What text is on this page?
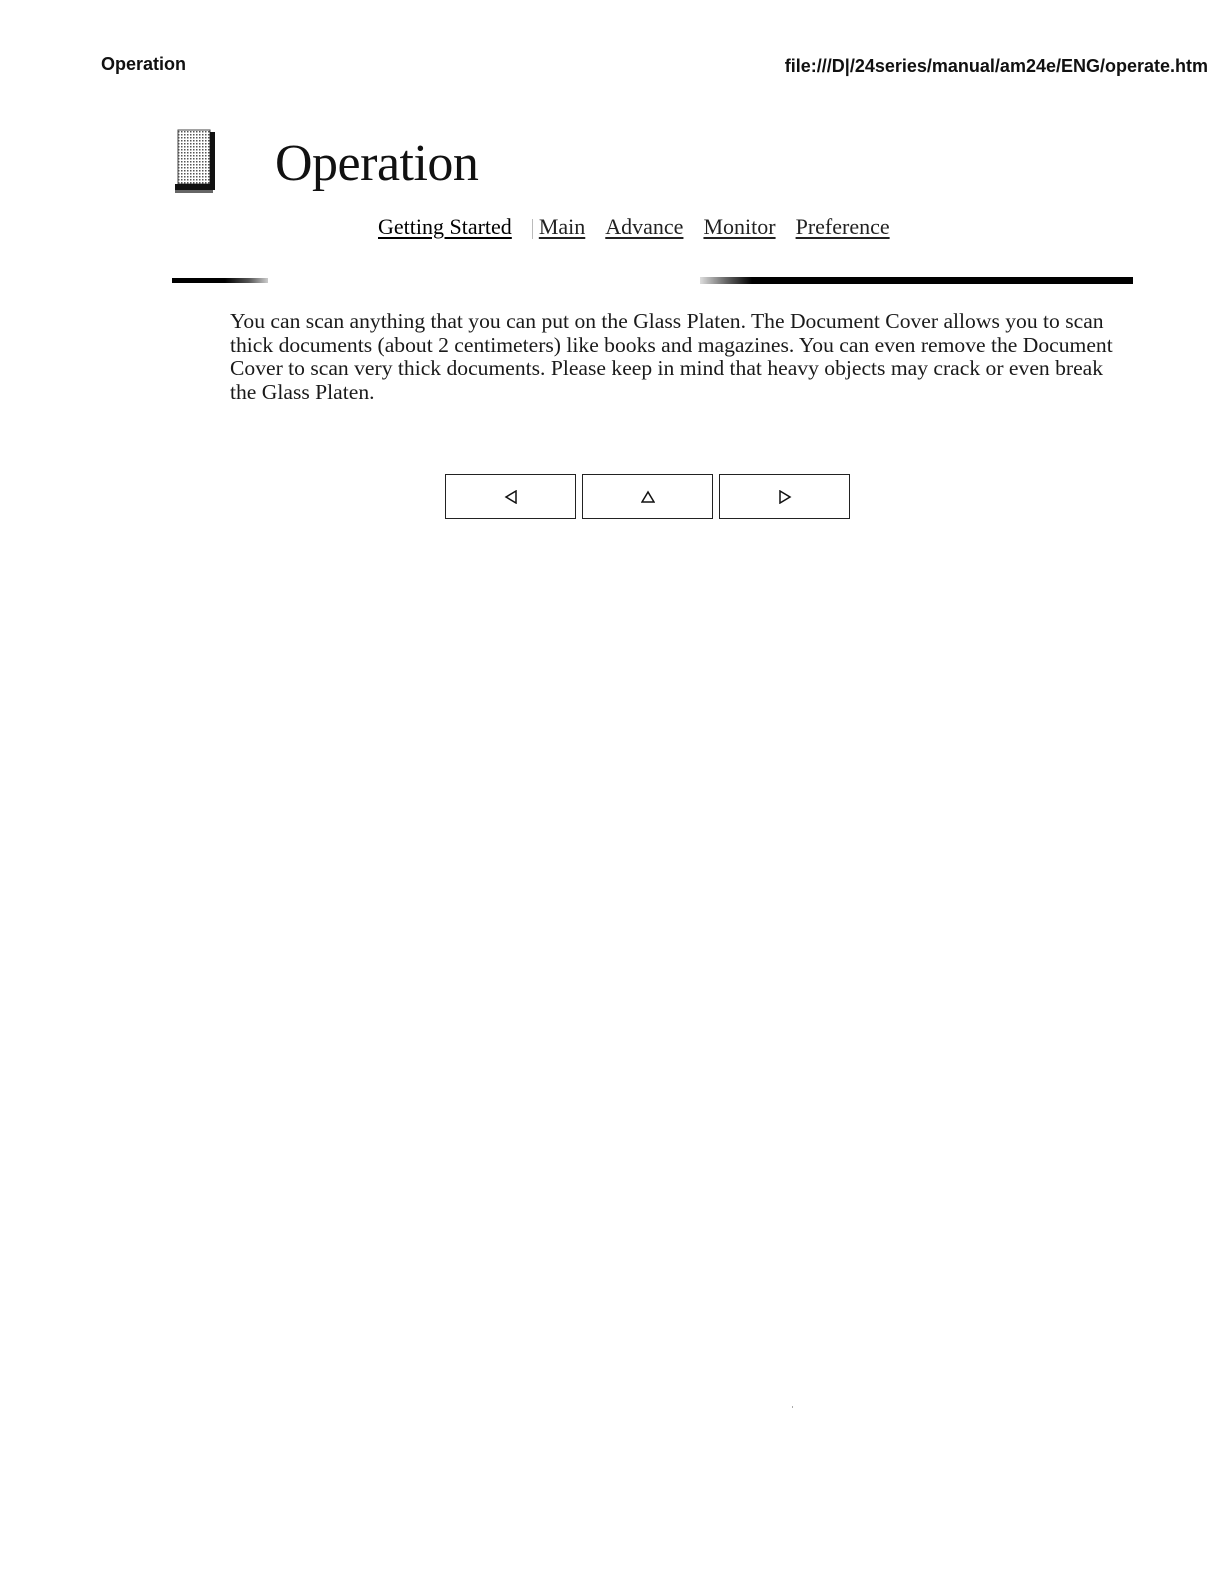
Operation	file:///D|/24series/manual/am24e/ENG/operate.htm
Operation
Getting Started Main Advance Monitor Preference

You can scan anything that you can put on the Glass Platen. The Document Cover allows you to scan thick documents (about 2 centimeters) like books and magazines. You can even remove the Document Cover to scan very thick documents. Please keep in mind that heavy objects may crack or even break the Glass Platen.
